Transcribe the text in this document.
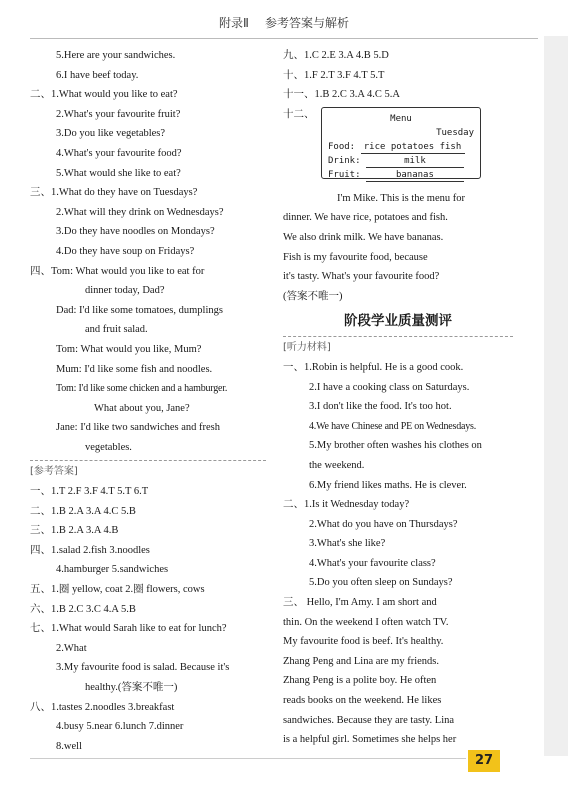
附录Ⅱ 参考答案与解析
5.Here are your sandwiches.
6.I have beef today.
二、1.What would you like to eat?
2.What's your favourite fruit?
3.Do you like vegetables?
4.What's your favourite food?
5.What would she like to eat?
三、1.What do they have on Tuesdays?
2.What will they drink on Wednesdays?
3.Do they have noodles on Mondays?
4.Do they have soup on Fridays?
四、Tom: What would you like to eat for
dinner today, Dad?
Dad: I'd like some tomatoes, dumplings
and fruit salad.
Tom: What would you like, Mum?
Mum: I'd like some fish and noodles.
Tom: I'd like some chicken and a hamburger.
What about you, Jane?
Jane: I'd like two sandwiches and fresh
vegetables.
[参考答案]
一、1.T 2.F 3.F 4.T 5.T 6.T
二、1.B 2.A 3.A 4.C 5.B
三、1.B 2.A 3.A 4.B
四、1.salad 2.fish 3.noodles
4.hamburger 5.sandwiches
五、1.圈 yellow, coat 2.圈 flowers, cows
六、1.B 2.C 3.C 4.A 5.B
七、1.What would Sarah like to eat for lunch?
2.What
3.My favourite food is salad. Because it's
healthy.(答案不唯一)
八、1.tastes 2.noodles 3.breakfast
4.busy 5.near 6.lunch 7.dinner
8.well
九、1.C 2.E 3.A 4.B 5.D
十、1.F 2.T 3.F 4.T 5.T
十一、1.B 2.C 3.A 4.C 5.A
十二、	Menu
Tuesday
Food: rice potatoes fish
Drink:	milk
Fruit:	bananas
I'm Mike. This is the menu for
dinner. We have rice, potatoes and fish.
We also drink milk. We have bananas.
Fish is my favourite food, because
it's tasty. What's your favourite food?
(答案不唯一)
阶段学业质量测评
[听力材料]
一、1.Robin is helpful. He is a good cook.
2.I have a cooking class on Saturdays.
3.I don't like the food. It's too hot.
4.We have Chinese and PE on Wednesdays.
5.My brother often washes his clothes on
the weekend.
6.My friend likes maths. He is clever.
二、1.Is it Wednesday today?
2.What do you have on Thursdays?
3.What's she like?
4.What's your favourite class?
5.Do you often sleep on Sundays?
三、 Hello, I'm Amy. I am short and
thin. On the weekend I often watch TV.
My favourite food is beef. It's healthy.
Zhang Peng and Lina are my friends.
Zhang Peng is a polite boy. He often
reads books on the weekend. He likes
sandwiches. Because they are tasty. Lina
is a helpful girl. Sometimes she helps her
27
